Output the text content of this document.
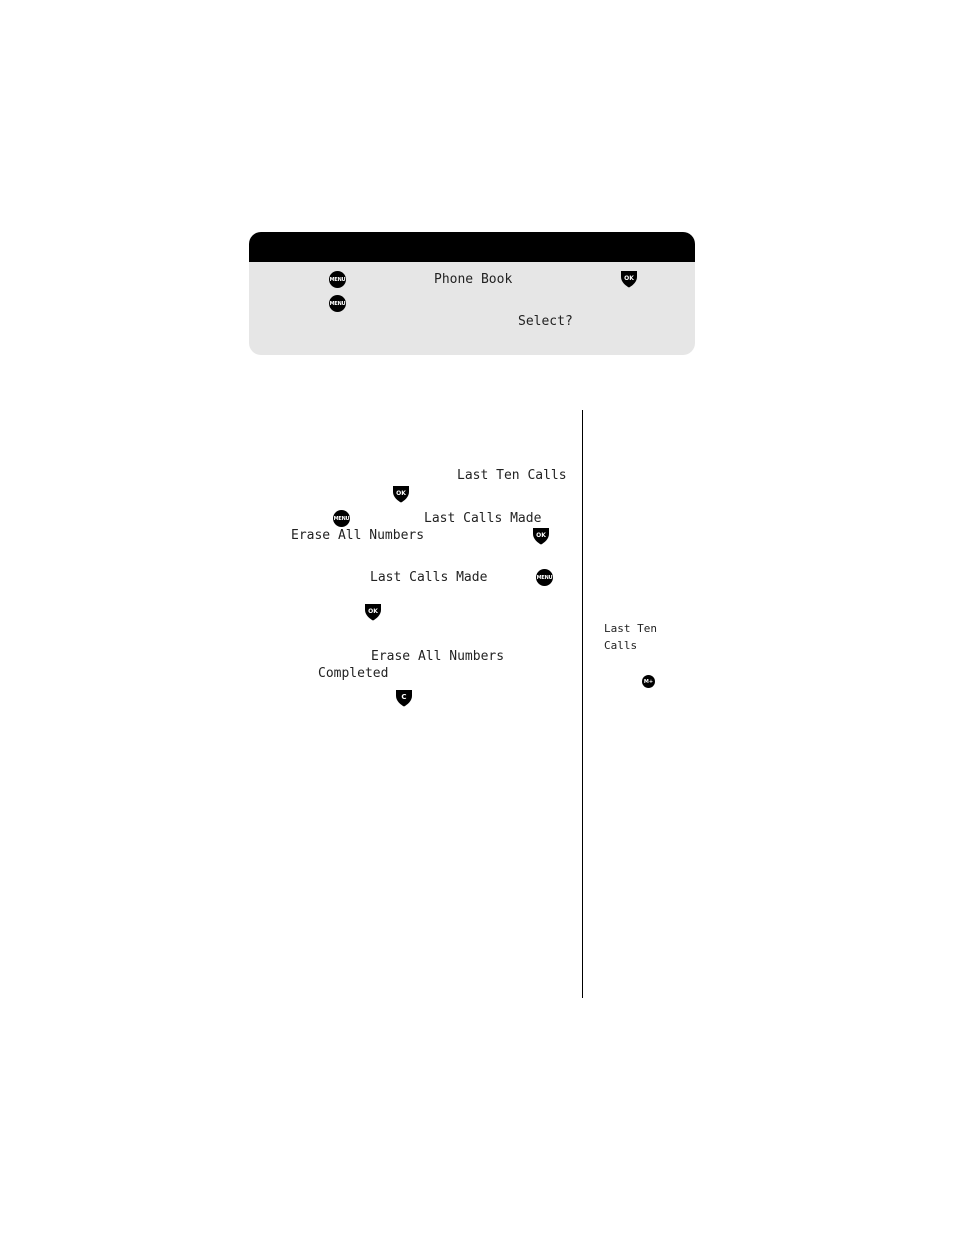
MENU	Phone Book	OK
MENU
Select?
Last Ten Calls
OK
MENU	Last Calls Made
Erase All Numbers	OK
Last Calls Made	MENU
OK
Erase All Numbers
Completed
C
Last Ten
Calls
M+
